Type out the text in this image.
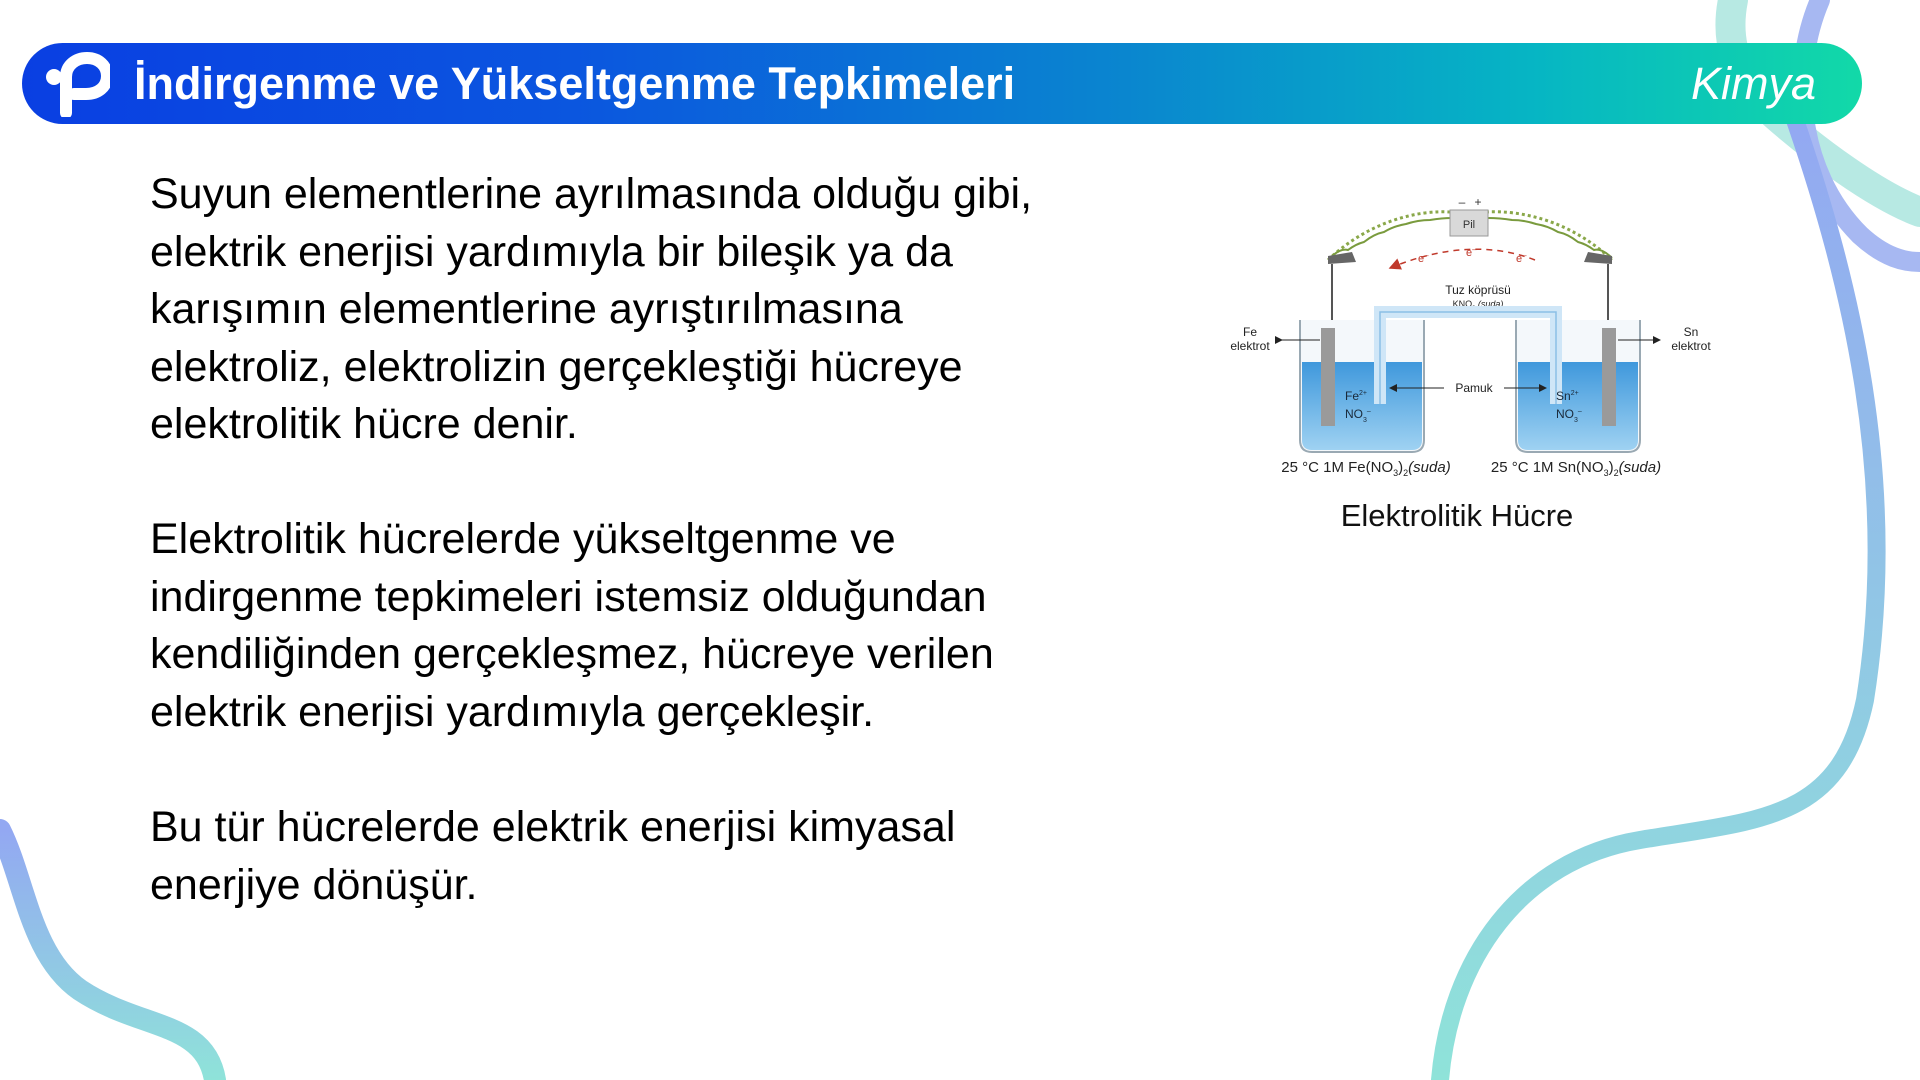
İndirgenme ve Yükseltgenme Tepkimeleri	Kimya

Suyun elementlerine ayrılmasında olduğu gibi,
elektrik enerjisi yardımıyla bir bileşik ya da
karışımın elementlerine ayrıştırılmasına
elektroliz, elektrolizin gerçekleştiği hücreye
elektrolitik hücre denir.

Elektrolitik hücrelerde yükseltgenme ve
indirgenme tepkimeleri istemsiz olduğundan
kendiliğinden gerçekleşmez, hücreye verilen
elektrik enerjisi yardımıyla gerçekleşir.

Bu tür hücrelerde elektrik enerjisi kimyasal
enerjiye dönüşür.

Pil
– +
e–	e–
e–
Tuz köprüsü
$KNO_3$ (suda)
Fe elektrot
Sn elektrot
Pamuk
$Fe^{2+}$
$NO_3^-$
$Sn^{2+}$
$NO_3^-$
25 °C 1M $Fe(NO_3)_2(suda)$	25 °C 1M $Sn(NO_3)_2(suda)$
Elektrolitik Hücre
